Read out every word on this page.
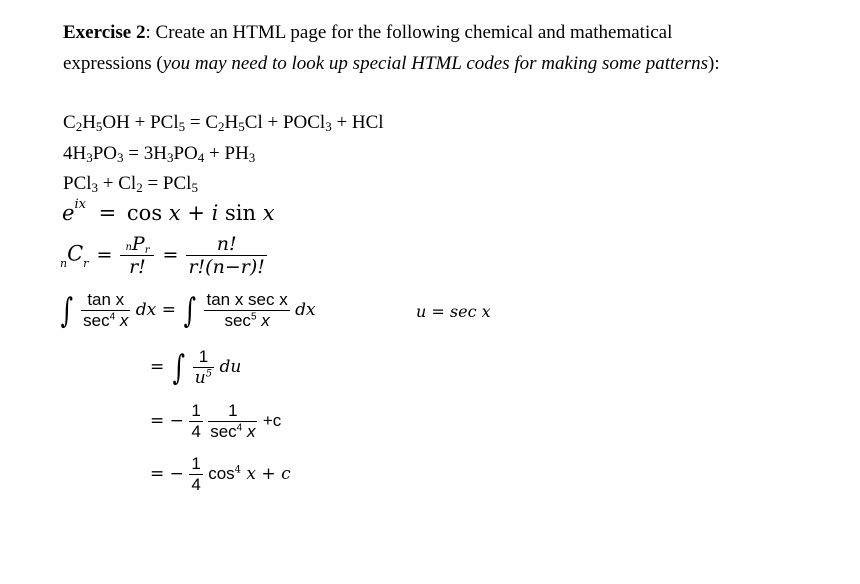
Exercise 2: Create an HTML page for the following chemical and mathematical
expressions (you may need to look up special HTML codes for making some patterns):
$C_2H_5OH + PCl_5 = C_2H_5Cl$ + POCl$_3$ + HCl
$4H_3PO_3 = 3H_3PO_4 + PH_3$
$PCl_3 + Cl_2 = PCl_5$
$e^{ix} = \cos x + i$ sin x
$_nC_r = \frac{\text{nPr}}{r!} = \frac{n!}{r!(n-r)!}$
∫ $\frac{\text{tan x}}{\sec^4 x}$ dx = ∫ $\frac{\text{tan x sec x}}{\sec^5 x}$ dx	u = sec x
= ∫ $\frac{1}{u^5}$ du
= − $\frac{1}{4}$
$\frac{1}{\sec^4 x} +c$
= − $\frac{1}{4} \cos^4 x + c$
